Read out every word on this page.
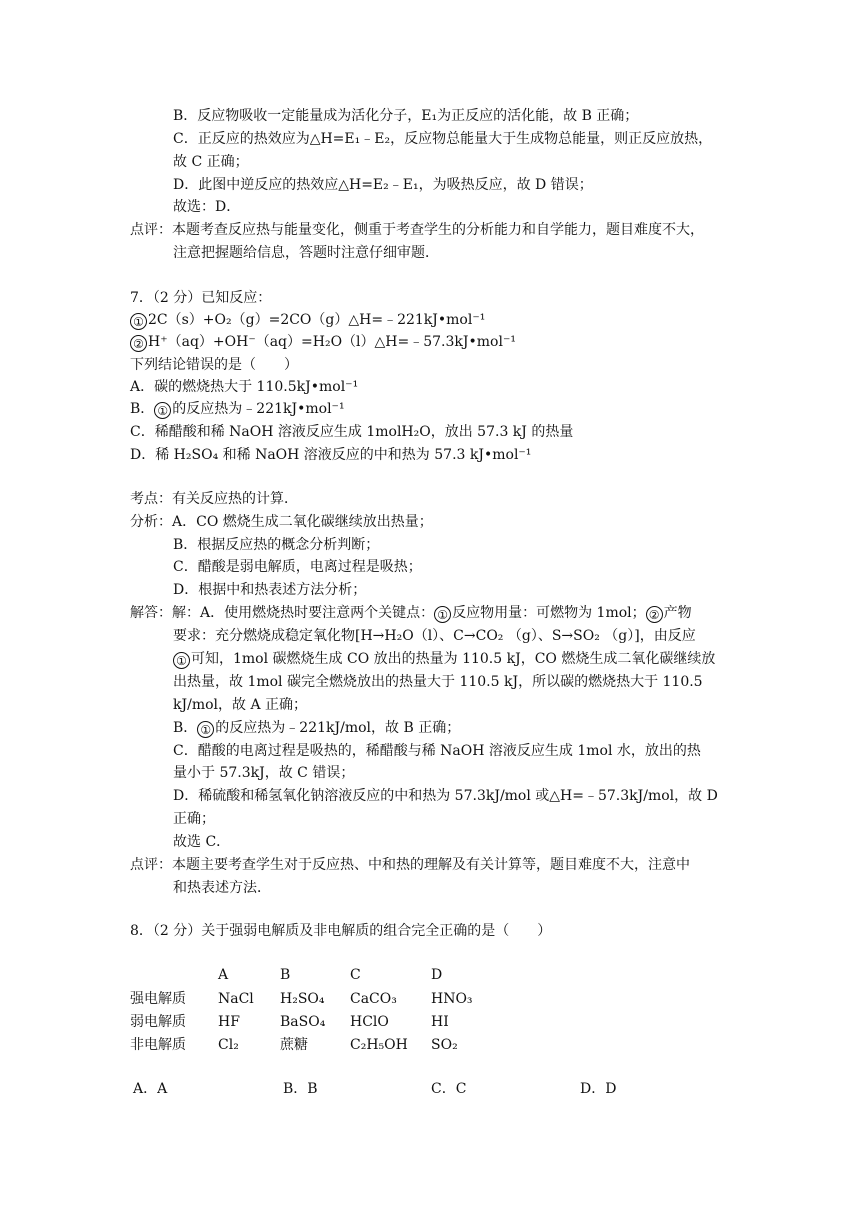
B．反应物吸收一定能量成为活化分子，E₁为正反应的活化能，故 B 正确；
C．正反应的热效应为△H=E₁﹣E₂，反应物总能量大于生成物总能量，则正反应放热，
故 C 正确；
D．此图中逆反应的热效应△H=E₂﹣E₁，为吸热反应，故 D 错误；
故选：D．
点评：本题考查反应热与能量变化，侧重于考查学生的分析能力和自学能力，题目难度不大，
注意把握题给信息，答题时注意仔细审题．
7．（2 分）已知反应：
① 2C（s）+O₂（g）=2CO（g）△H=﹣221kJ•mol⁻¹
② H⁺（aq）+OH⁻（aq）=H₂O（l）△H=﹣57.3kJ•mol⁻¹
下列结论错误的是（　　）
A．碳的燃烧热大于 110.5kJ•mol⁻¹
B． ① 的反应热为﹣221kJ•mol⁻¹
C．稀醋酸和稀 NaOH 溶液反应生成 1molH₂O，放出 57.3 kJ 的热量
D．稀 H₂SO₄ 和稀 NaOH 溶液反应的中和热为 57.3 kJ•mol⁻¹
考点：有关反应热的计算．
分析：A．CO 燃烧生成二氧化碳继续放出热量；
B．根据反应热的概念分析判断；
C．醋酸是弱电解质，电离过程是吸热；
D．根据中和热表述方法分析；
解答：解：A．使用燃烧热时要注意两个关键点： ① 反应物用量：可燃物为 1mol； ② 产物
要求：充分燃烧成稳定氧化物[H→H₂O（l）、C→CO₂ （g）、S→SO₂ （g）]，由反应
① 可知，1mol 碳燃烧生成 CO 放出的热量为 110.5 kJ，CO 燃烧生成二氧化碳继续放
出热量，故 1mol 碳完全燃烧放出的热量大于 110.5 kJ，所以碳的燃烧热大于 110.5
kJ/mol，故 A 正确；
B． ① 的反应热为﹣221kJ/mol，故 B 正确；
C．醋酸的电离过程是吸热的，稀醋酸与稀 NaOH 溶液反应生成 1mol 水，放出的热
量小于 57.3kJ，故 C 错误；
D．稀硫酸和稀氢氧化钠溶液反应的中和热为 57.3kJ/mol 或△H=﹣57.3kJ/mol，故 D
正确；
故选 C．
点评：本题主要考查学生对于反应热、中和热的理解及有关计算等，题目难度不大，注意中
和热表述方法．
8．（2 分）关于强弱电解质及非电解质的组合完全正确的是（　　）
A	B	C	D
强电解质 NaCl H₂SO₄ CaCO₃ HNO₃
弱电解质 HF	BaSO₄ HClO	HI
非电解质 Cl₂	蔗糖	C₂H₅OH SO₂
A．A	B．B	C．C	D．D
